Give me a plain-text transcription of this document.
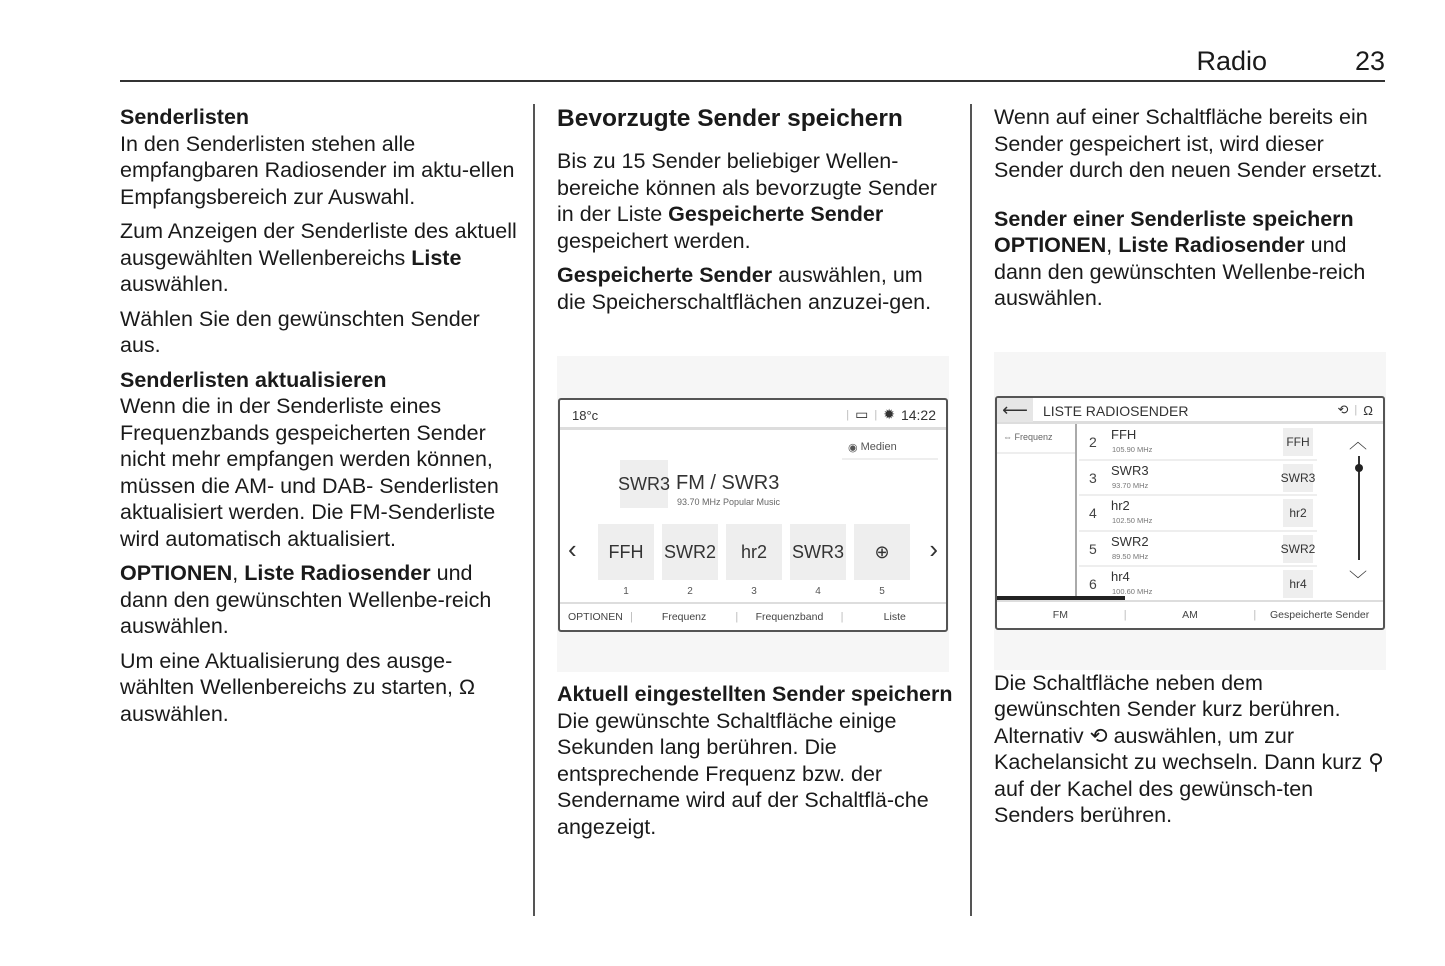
Radio	23
Senderlisten

In den Senderlisten stehen alle empfangbaren Radiosender im aktu-ellen Empfangsbereich zur Auswahl.

Zum Anzeigen der Senderliste des aktuell ausgewählten Wellenbereichs Liste auswählen.

Wählen Sie den gewünschten Sender aus.

Senderlisten aktualisieren

Wenn die in der Senderliste eines Frequenzbands gespeicherten Sender nicht mehr empfangen werden können, müssen die AM- und DAB- Senderlisten aktualisiert werden. Die FM-Senderliste wird automatisch aktualisiert.

OPTIONEN, Liste Radiosender und dann den gewünschten Wellenbe-reich auswählen.

Um eine Aktualisierung des ausge-wählten Wellenbereichs zu starten, Ω auswählen.

Bevorzugte Sender speichern

Bis zu 15 Sender beliebiger Wellen-bereiche können als bevorzugte Sender in der Liste Gespeicherte Sender gespeichert werden.

Gespeicherte Sender auswählen, um die Speicherschaltflächen anzuzei-gen.

Aktuell eingestellten Sender speichern

Die gewünschte Schaltfläche einige Sekunden lang berühren. Die entsprechende Frequenz bzw. der Sendername wird auf der Schaltflä-che angezeigt.

Wenn auf einer Schaltfläche bereits ein Sender gespeichert ist, wird dieser Sender durch den neuen Sender ersetzt.

Sender einer Senderliste speichern

OPTIONEN, Liste Radiosender und dann den gewünschten Wellenbe-reich auswählen.

Die Schaltfläche neben dem gewünschten Sender kurz berühren. Alternativ ⟲ auswählen, um zur Kachelansicht zu wechseln. Dann kurz ⚲ auf der Kachel des gewünsch-ten Senders berühren.

18°c	| ▭ | ✹ 14:22
◉ Medien
SWR3 FM / SWR3
93.70 MHz Popular Music
‹	FFH
1
SWR2
2
hr2
3
SWR3
4
⊕
5
›
OPTIONEN |	Frequenz	|	Frequenzband	|	Liste
⟵	LISTE RADIOSENDER	⟲ | Ω
⇔ Frequenz	2 FFH
105.90 MHz
FFH
3 SWR3
93.70 MHz
SWR3
4 hr2
102.50 MHz
hr2
5 SWR2
89.50 MHz
SWR2
6 hr4
100.60 MHz
hr4
︿
﹀
FM	|	AM	|	Gespeicherte Sender
